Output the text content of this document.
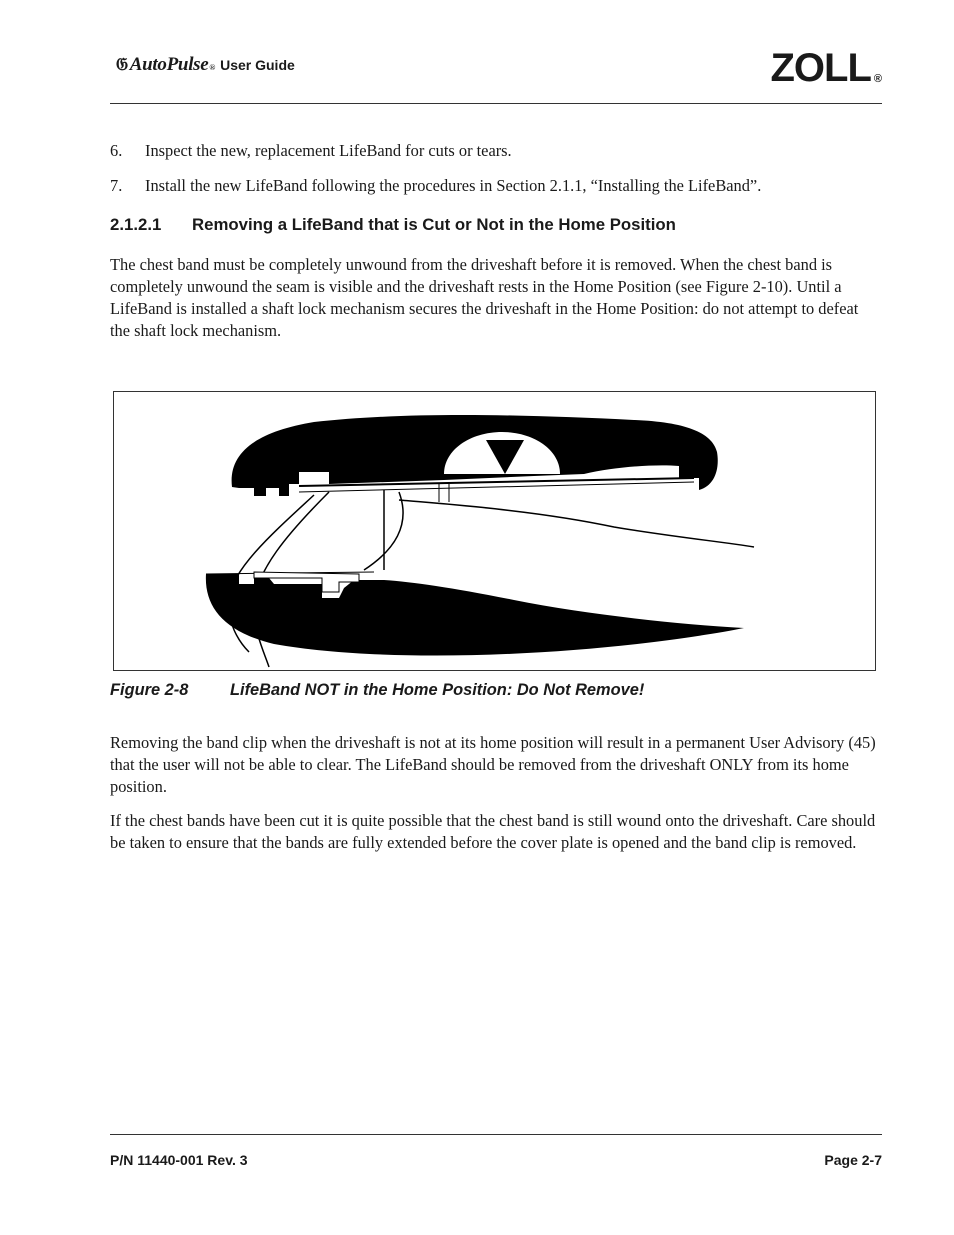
𝔊 AutoPulse ® User Guide	ZOLL ®
6.	Inspect the new, replacement LifeBand for cuts or tears.
7.	Install the new LifeBand following the procedures in Section 2.1.1, “Installing the LifeBand”.
2.1.2.1	Removing a LifeBand that is Cut or Not in the Home Position
The chest band must be completely unwound from the driveshaft before it is removed. When the chest band is completely unwound the seam is visible and the driveshaft rests in the Home Position (see Figure 2-10). Until a LifeBand is installed a shaft lock mechanism secures the driveshaft in the Home Position: do not attempt to defeat the shaft lock mechanism.
Figure 2-8	LifeBand NOT in the Home Position: Do Not Remove!
Removing the band clip when the driveshaft is not at its home position will result in a permanent User Advisory (45) that the user will not be able to clear. The LifeBand should be removed from the driveshaft ONLY from its home position.
If the chest bands have been cut it is quite possible that the chest band is still wound onto the driveshaft. Care should be taken to ensure that the bands are fully extended before the cover plate is opened and the band clip is removed.
P/N 11440-001 Rev. 3	Page 2-7
